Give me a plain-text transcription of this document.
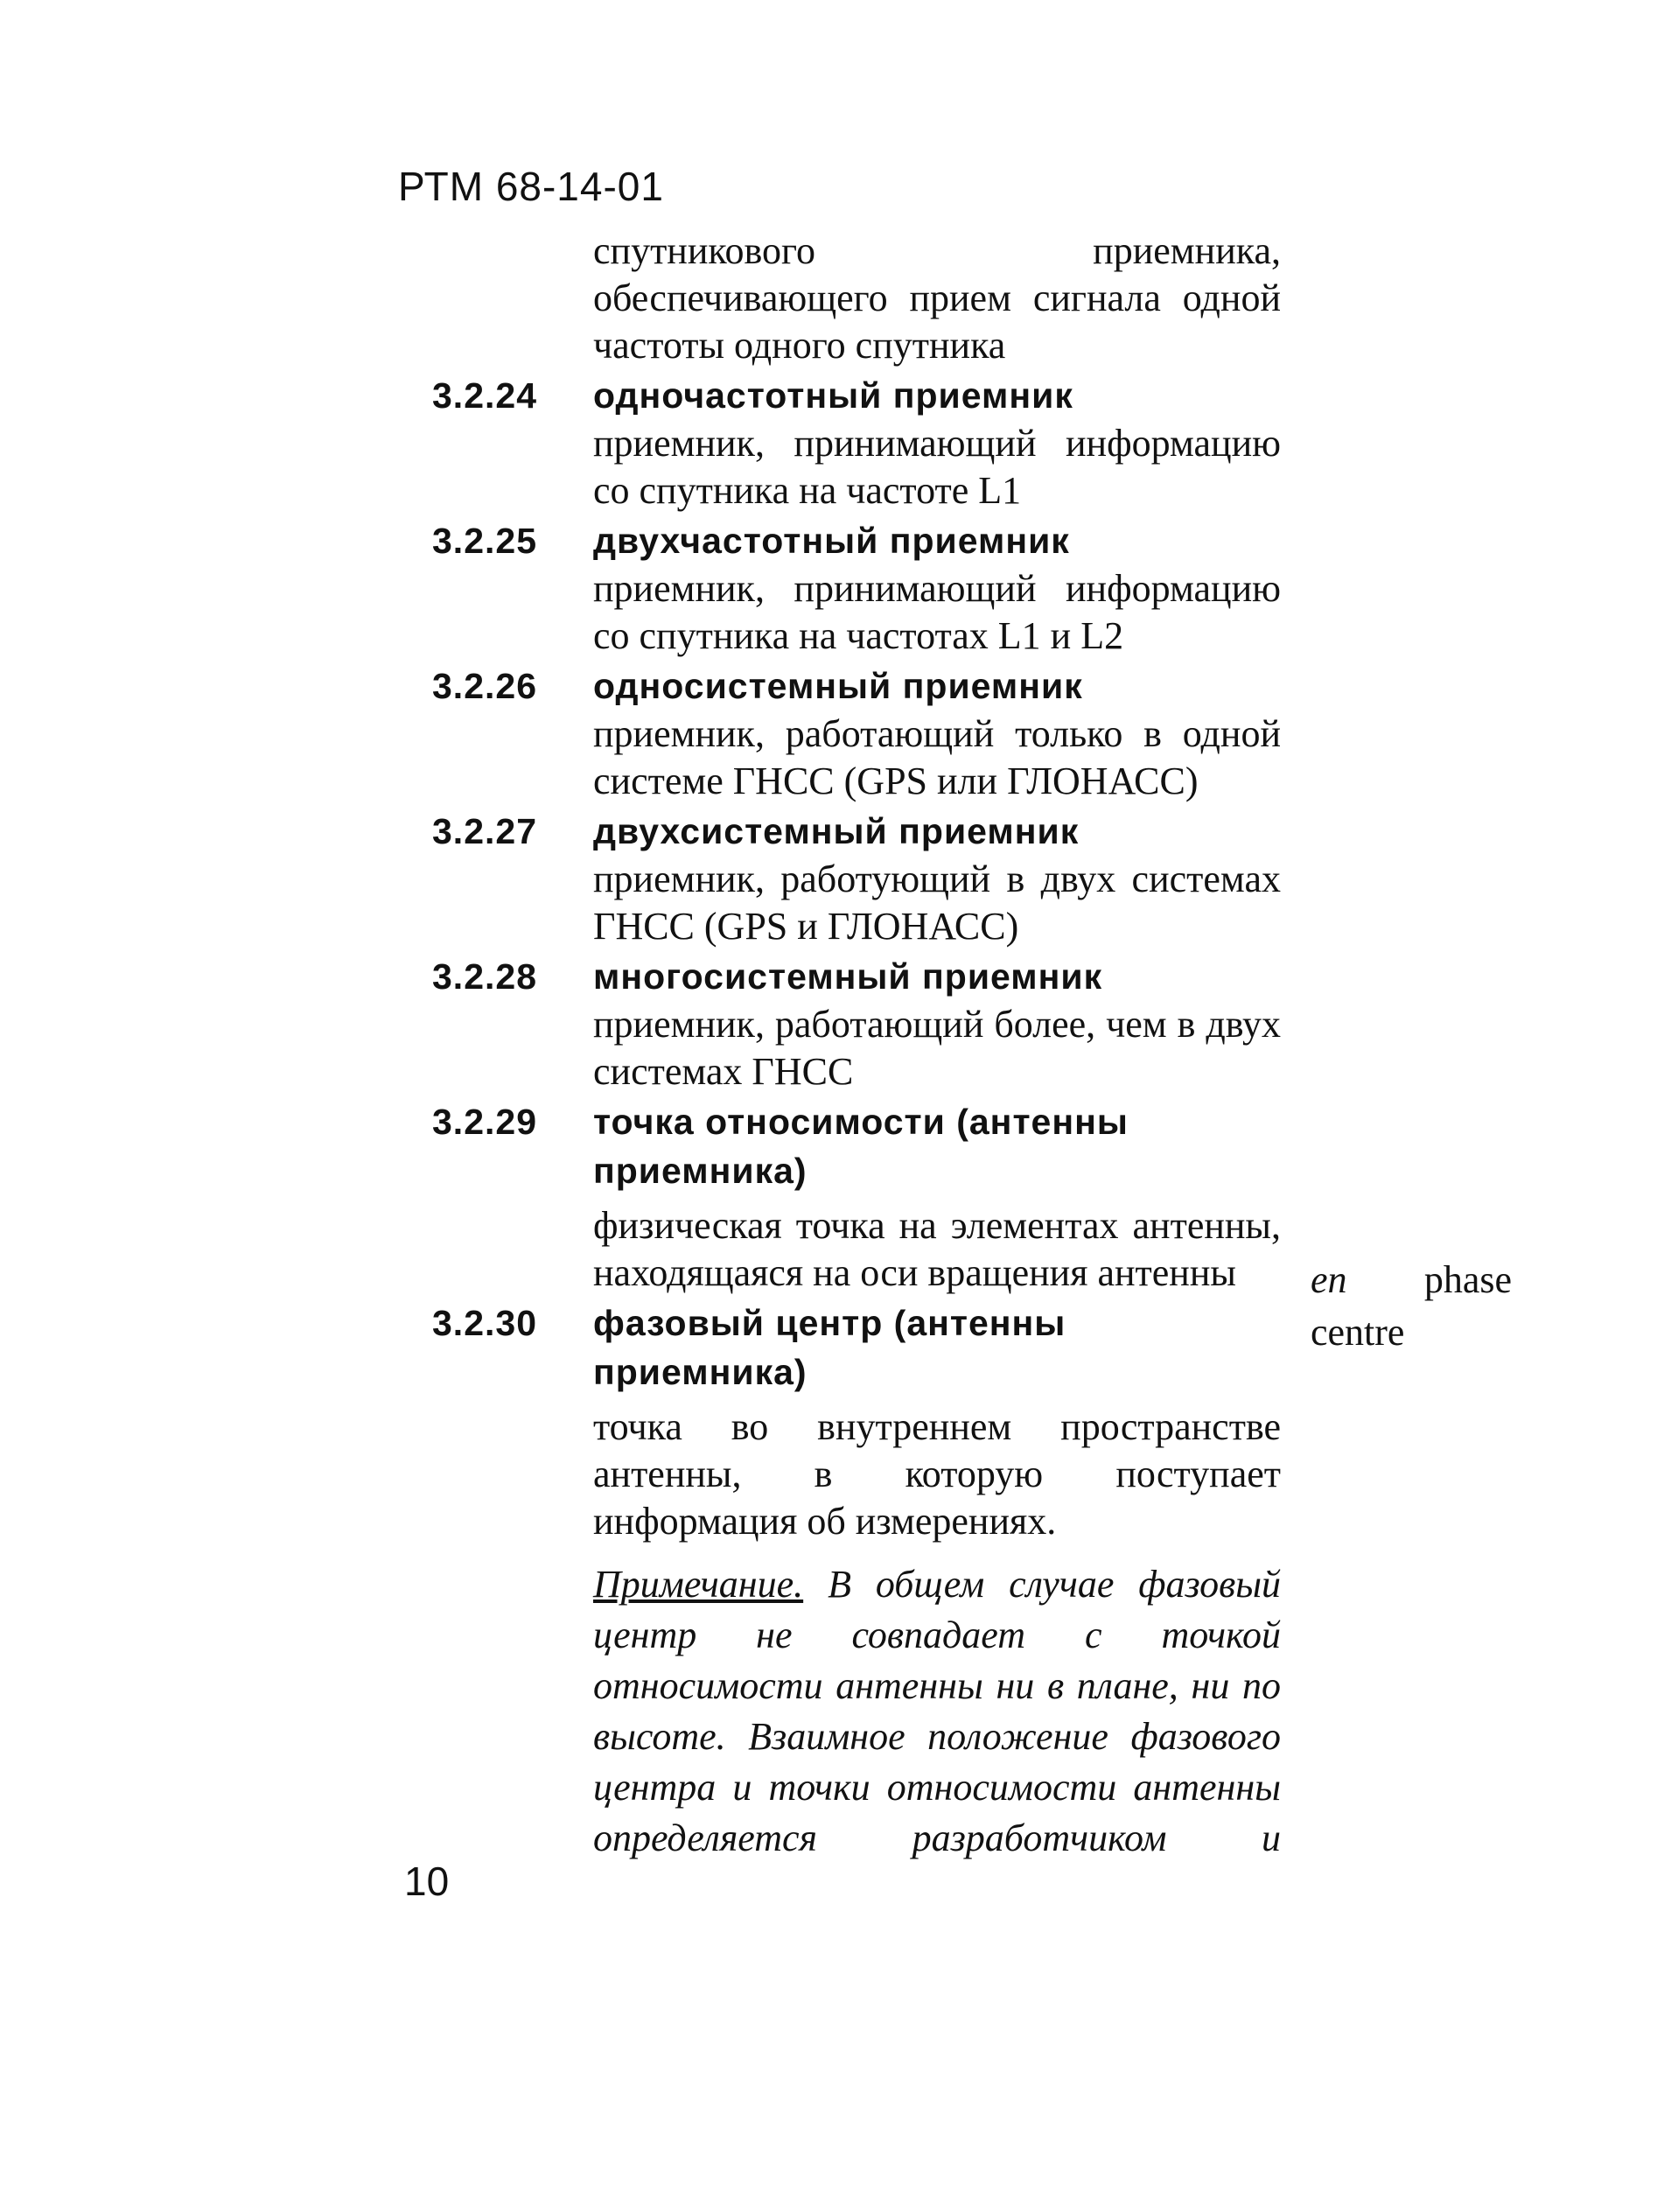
РТМ 68-14-01
спутникового приемника, обеспечивающего прием сигнала одной частоты одного спутника
3.2.24 одночастотный приемник
приемник, принимающий информацию со спутника на частоте L1
3.2.25 двухчастотный приемник
приемник, принимающий информацию со спутника на частотах L1 и L2
3.2.26 односистемный приемник
приемник, работающий только в одной системе ГНСС (GPS или ГЛОНАСС)
3.2.27 двухсистемный приемник
приемник, работующий в двух системах ГНСС (GPS и ГЛОНАСС)
3.2.28 многосистемный приемник
приемник, работающий более, чем в двух системах ГНСС
3.2.29 точка относимости (антенны приемника)
физическая точка на элементах антенны, находящаяся на оси вращения антенны
3.2.30 фазовый центр (антенны приемника)
точка во внутреннем пространстве антенны, в которую поступает информация об измерениях.
Примечание. В общем случае фазовый центр не совпадает с точкой относимости антенны ни в плане, ни по высоте. Взаимное положение фазового центра и точки относимости антенны определяется разработчиком и
en phase
centre
10
